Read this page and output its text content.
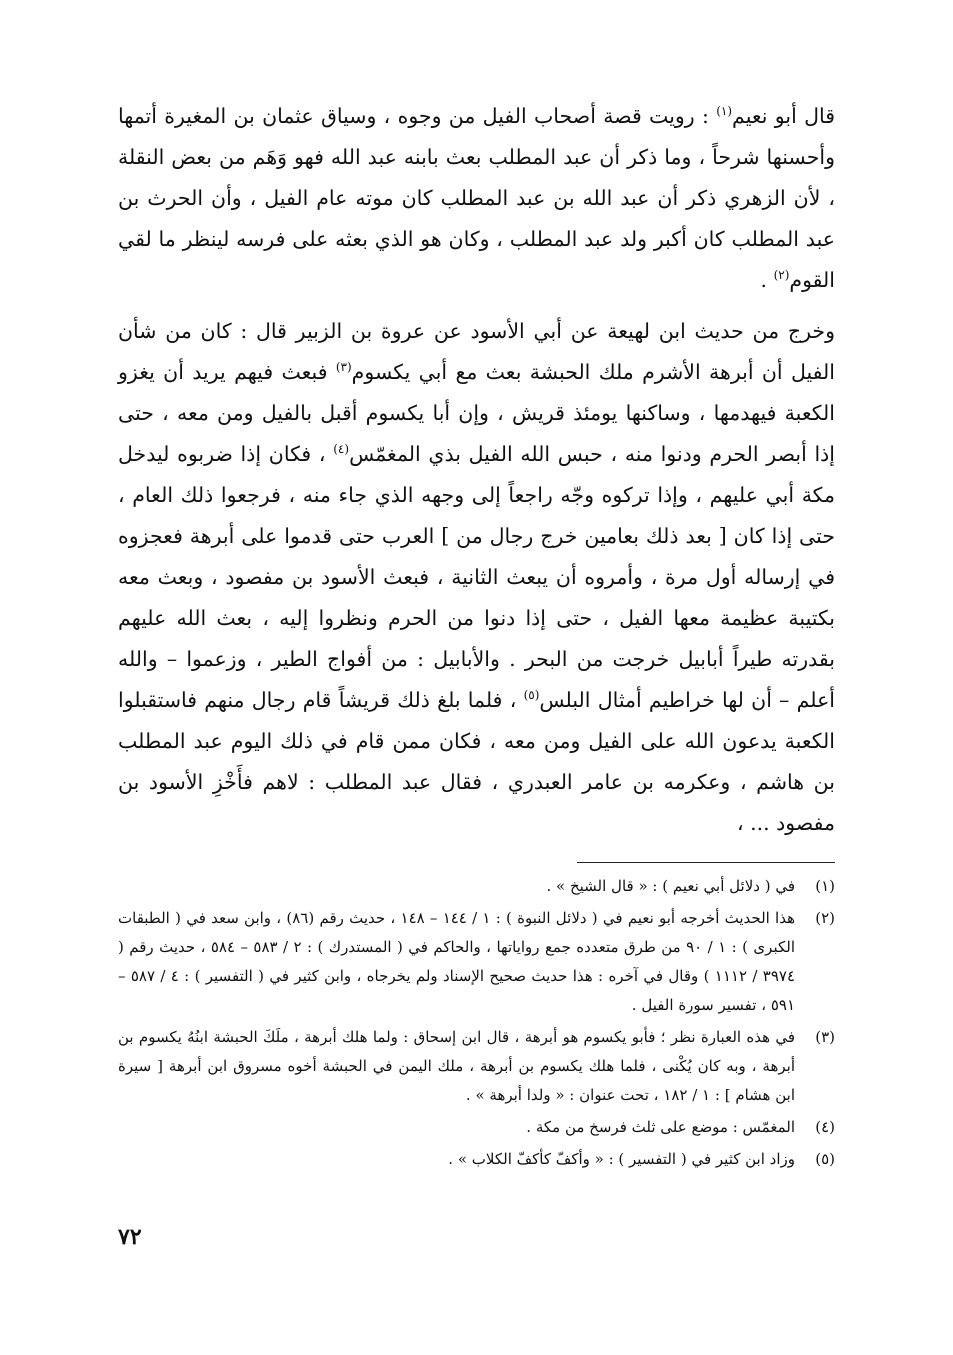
قال أبو نعيم$^{(١)}$ : رويت قصة أصحاب الفيل من وجوه ، وسياق عثمان بن المغيرة أتمها وأحسنها شرحاً ، وما ذكر أن عبد المطلب بعث بابنه عبد الله فهو وَهَم من بعض النقلة ، لأن الزهري ذكر أن عبد الله بن عبد المطلب كان موته عام الفيل ، وأن الحرث بن عبد المطلب كان أكبر ولد عبد المطلب ، وكان هو الذي بعثه على فرسه لينظر ما لقي القوم$^{(٢)}$ .

وخرج من حديث ابن لهيعة عن أبي الأسود عن عروة بن الزبير قال : كان من شأن الفيل أن أبرهة الأشرم ملك الحبشة بعث مع أبي يكسوم$^{(٣)}$ فبعث فيهم يريد أن يغزو الكعبة فيهدمها ، وساكنها يومئذ قريش ، وإن أبا يكسوم أقبل بالفيل ومن معه ، حتى إذا أبصر الحرم ودنوا منه ، حبس الله الفيل بذي المغمّس$^{(٤)}$ ، فكان إذا ضربوه ليدخل مكة أبي عليهم ، وإذا تركوه وجّه راجعاً إلى وجهه الذي جاء منه ، فرجعوا ذلك العام ، حتى إذا كان [ بعد ذلك بعامين خرج رجال من ] العرب حتى قدموا على أبرهة فعجزوه في إرساله أول مرة ، وأمروه أن يبعث الثانية ، فبعث الأسود بن مفصود ، وبعث معه بكتيبة عظيمة معها الفيل ، حتى إذا دنوا من الحرم ونظروا إليه ، بعث الله عليهم بقدرته طيراً أبابيل خرجت من البحر . والأبابيل : من أفواج الطير ، وزعموا – والله أعلم – أن لها خراطيم أمثال البلس$^{(٥)}$ ، فلما بلغ ذلك قريشاً قام رجال منهم فاستقبلوا الكعبة يدعون الله على الفيل ومن معه ، فكان ممن قام في ذلك اليوم عبد المطلب بن هاشم ، وعكرمه بن عامر العبدري ، فقال عبد المطلب : لاهم فأَخْزِ الأسود بن مفصود ... ،

(١)
في ( دلائل أبي نعيم ) : « قال الشيخ » .
(٢)
هذا الحديث أخرجه أبو نعيم في ( دلائل النبوة ) : ١ / ١٤٤ – ١٤٨ ، حديث رقم (٨٦) ، وابن سعد في ( الطبقات الكبرى ) : ١ / ٩٠ من طرق متعدده جمع رواياتها ، والحاكم في ( المستدرك ) : ٢ / ٥٨٣ – ٥٨٤ ، حديث رقم ( ٣٩٧٤ / ١١١٢ ) وقال في آخره : هذا حديث صحيح الإسناد ولم يخرجاه ، وابن كثير في ( التفسير ) : ٤ / ٥٨٧ – ٥٩١ ، تفسير سورة الفيل .
(٣)
في هذه العبارة نظر ؛ فأبو يكسوم هو أبرهة ، قال ابن إسحاق : ولما هلك أبرهة ، ملَكَ الحبشة ابنُهُ يكسوم بن أبرهة ، وبه كان يُكْنى ، فلما هلك يكسوم بن أبرهة ، ملك اليمن في الحبشة أخوه مسروق ابن أبرهة [ سيرة ابن هشام ] : ١ / ١٨٢ ، تحت عنوان : « ولدا أبرهة » .
(٤)
المغمّس : موضع على ثلث فرسخ من مكة .
(٥)
وزاد ابن كثير في ( التفسير ) : « وأكفّ كأكفّ الكلاب » .
٧٢
